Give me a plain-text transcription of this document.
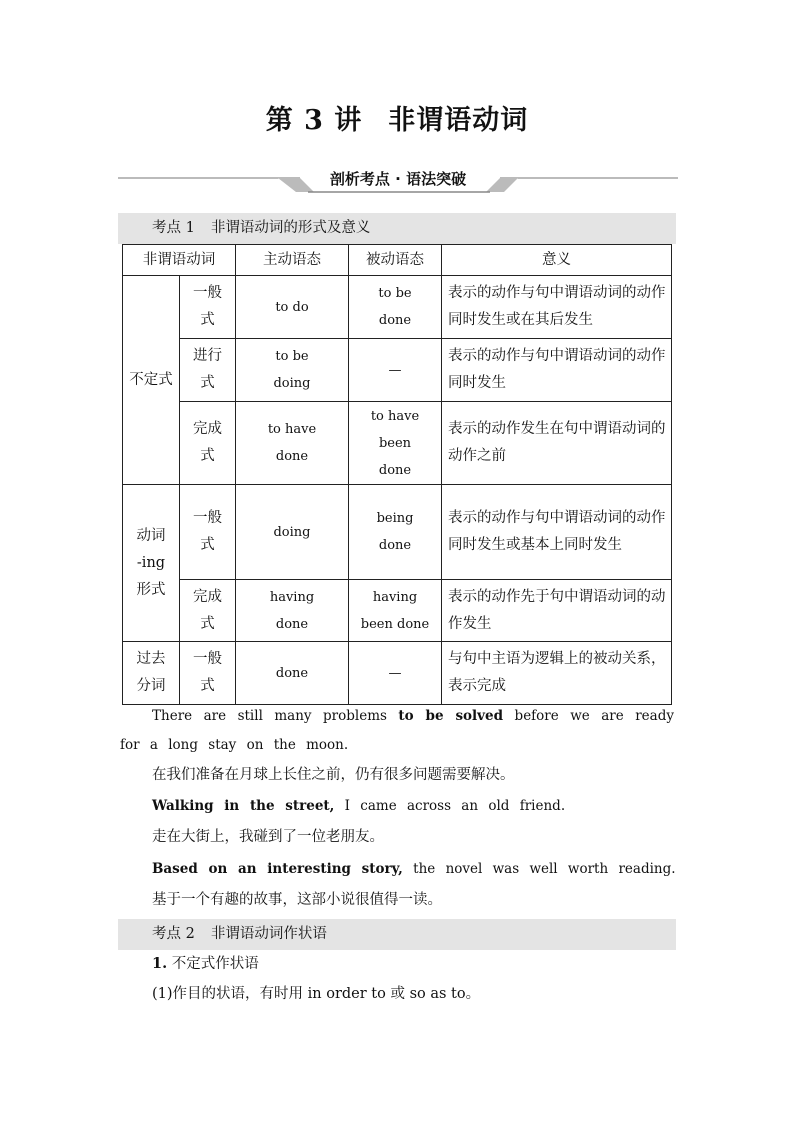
第 3 讲 非谓语动词
剖析考点 · 语法突破
考点 1 非谓语动词的形式及意义
非谓语动词		主动语态	被动语态	意义
不定式	一般式	to do	to be done	表示的动作与句中谓语动词的动作同时发生或在其后发生
	进行式	to be doing	—	表示的动作与句中谓语动词的动作同时发生
	完成式	to have done	to have been done	表示的动作发生在句中谓语动词的动作之前
动词 -ing 形式	一般式	doing	being done	表示的动作与句中谓语动词的动作同时发生或基本上同时发生
	完成式	having done	having been done	表示的动作先于句中谓语动词的动作发生
过去分词	一般式	done	—	与句中主语为逻辑上的被动关系，表示完成
There are still many problems to be solved before we are ready for a long stay on the moon.
在我们准备在月球上长住之前，仍有很多问题需要解决。
Walking in the street, I came across an old friend.
走在大街上，我碰到了一位老朋友。
Based on an interesting story, the novel was well worth reading.
基于一个有趣的故事，这部小说很值得一读。
考点 2 非谓语动词作状语
1. 不定式作状语
(1)作目的状语，有时用 in order to 或 so as to。
